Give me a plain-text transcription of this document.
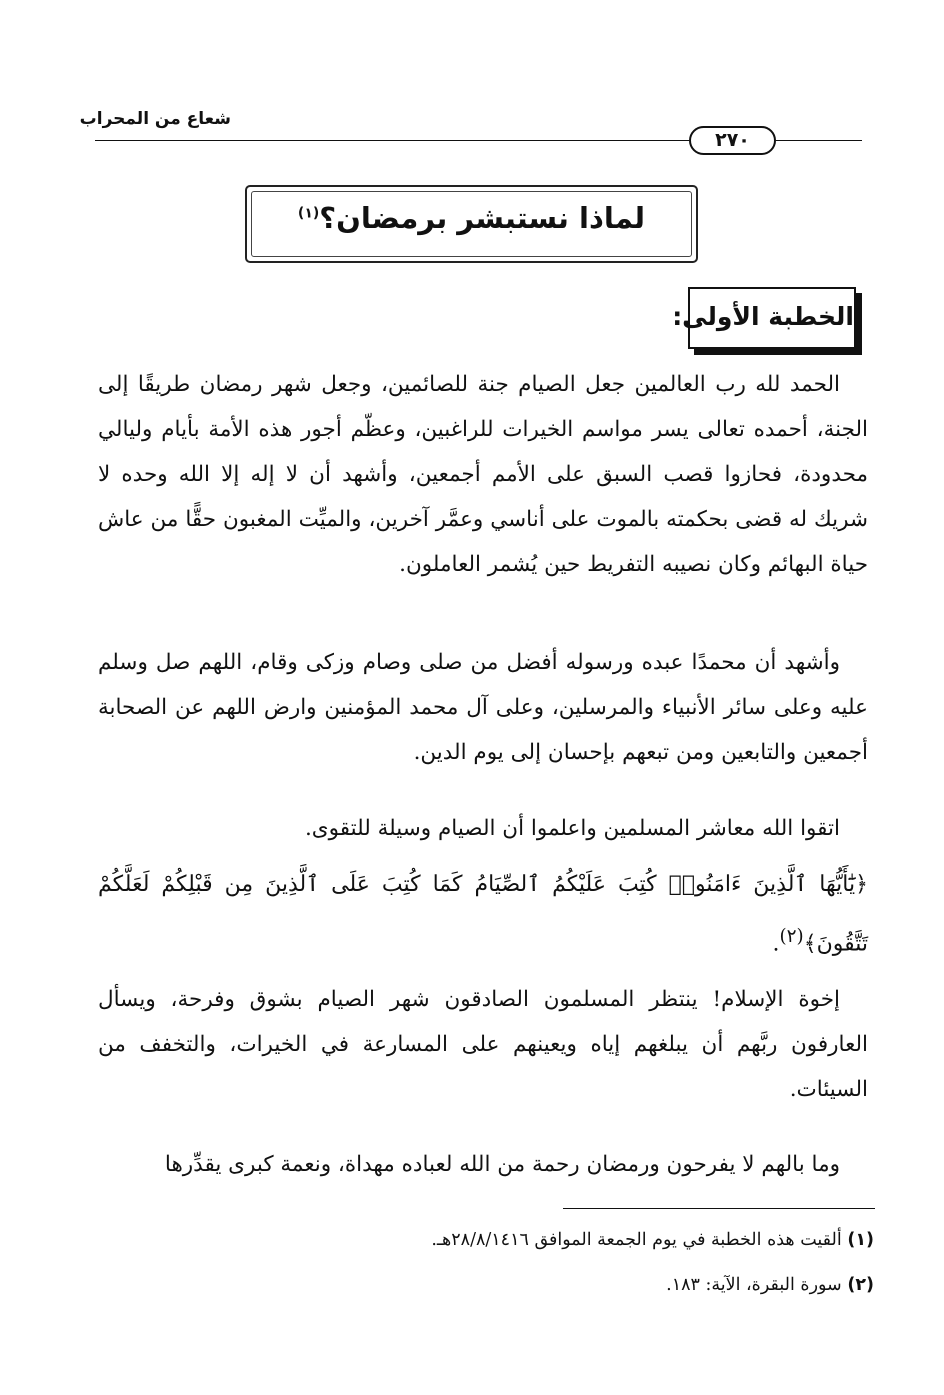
شعاع من المحراب
٢٧٠
لماذا نستبشر برمضان؟$^{(١)}$
الخطبة الأولى:

الحمد لله رب العالمين جعل الصيام جنة للصائمين، وجعل شهر رمضان طريقًا إلى الجنة، أحمده تعالى يسر مواسم الخيرات للراغبين، وعظّم أجور هذه الأمة بأيام وليالي محدودة، فحازوا قصب السبق على الأمم أجمعين، وأشهد أن لا إله إلا الله وحده لا شريك له قضى بحكمته بالموت على أناسي وعمَّر آخرين، والميِّت المغبون حقًّا من عاش حياة البهائم وكان نصيبه التفريط حين يُشمر العاملون.

وأشهد أن محمدًا عبده ورسوله أفضل من صلى وصام وزكى وقام، اللهم صل وسلم عليه وعلى سائر الأنبياء والمرسلين، وعلى آل محمد المؤمنين وارض اللهم عن الصحابة أجمعين والتابعين ومن تبعهم بإحسان إلى يوم الدين.

اتقوا الله معاشر المسلمين واعلموا أن الصيام وسيلة للتقوى.

﴿يَٰٓأَيُّهَا ٱلَّذِينَ ءَامَنُوا۟ كُتِبَ عَلَيْكُمُ ٱلصِّيَامُ كَمَا كُتِبَ عَلَى ٱلَّذِينَ مِن قَبْلِكُمْ لَعَلَّكُمْ تَتَّقُونَ﴾$^{(٢)}$.

إخوة الإسلام! ينتظر المسلمون الصادقون شهر الصيام بشوق وفرحة، ويسأل العارفون ربَّهم أن يبلغهم إياه ويعينهم على المسارعة في الخيرات، والتخفف من السيئات.

وما بالهم لا يفرحون ورمضان رحمة من الله لعباده مهداة، ونعمة كبرى يقدِّرها

(١) ألقيت هذه الخطبة في يوم الجمعة الموافق ٢٨/٨/١٤١٦هـ.
(٢) سورة البقرة، الآية: ١٨٣.
